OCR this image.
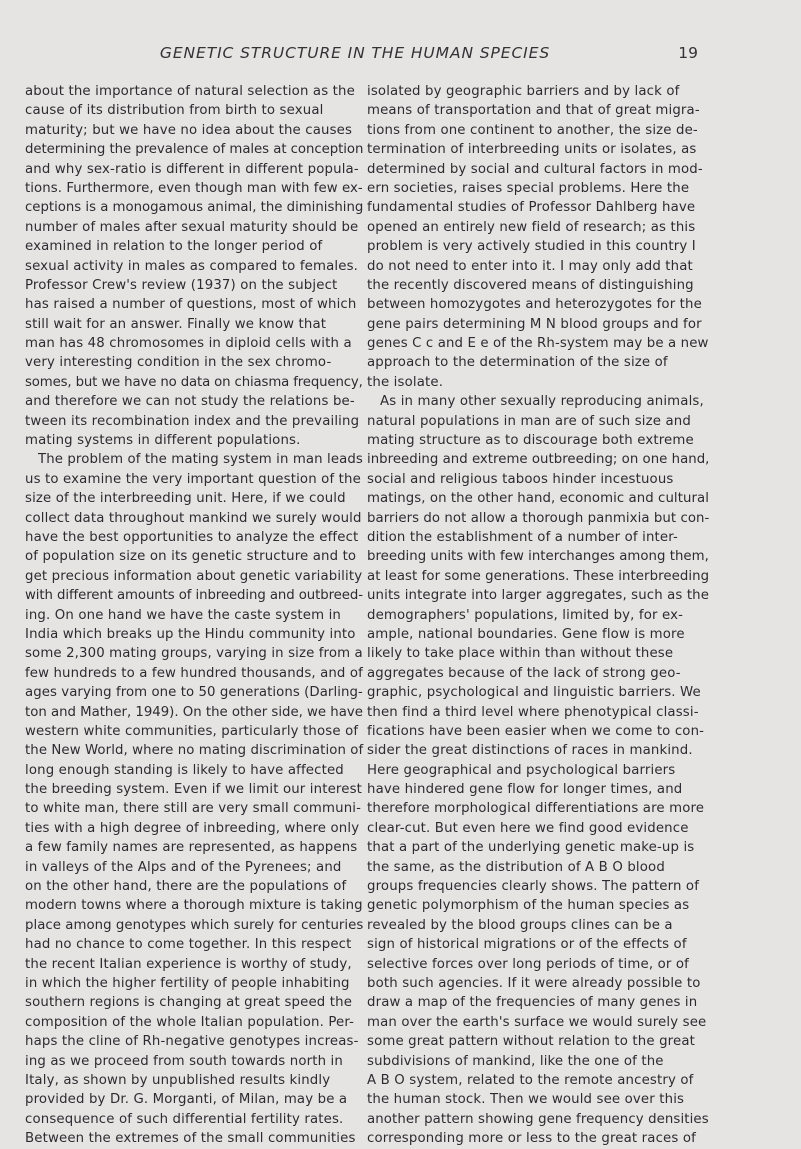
GENETIC STRUCTURE IN THE HUMAN SPECIES	19
about the importance of natural selection as the
cause of its distribution from birth to sexual
maturity; but we have no idea about the causes
determining the prevalence of males at conception
and why sex-ratio is different in different popula-
tions. Furthermore, even though man with few ex-
ceptions is a monogamous animal, the diminishing
number of males after sexual maturity should be
examined in relation to the longer period of
sexual activity in males as compared to females.
Professor Crew's review (1937) on the subject
has raised a number of questions, most of which
still wait for an answer. Finally we know that
man has 48 chromosomes in diploid cells with a
very interesting condition in the sex chromo-
somes, but we have no data on chiasma frequency,
and therefore we can not study the relations be-
tween its recombination index and the prevailing
mating systems in different populations.
The problem of the mating system in man leads
us to examine the very important question of the
size of the interbreeding unit. Here, if we could
collect data throughout mankind we surely would
have the best opportunities to analyze the effect
of population size on its genetic structure and to
get precious information about genetic variability
with different amounts of inbreeding and outbreed-
ing. On one hand we have the caste system in
India which breaks up the Hindu community into
some 2,300 mating groups, varying in size from a
few hundreds to a few hundred thousands, and of
ages varying from one to 50 generations (Darling-
ton and Mather, 1949). On the other side, we have
western white communities, particularly those of
the New World, where no mating discrimination of
long enough standing is likely to have affected
the breeding system. Even if we limit our interest
to white man, there still are very small communi-
ties with a high degree of inbreeding, where only
a few family names are represented, as happens
in valleys of the Alps and of the Pyrenees; and
on the other hand, there are the populations of
modern towns where a thorough mixture is taking
place among genotypes which surely for centuries
had no chance to come together. In this respect
the recent Italian experience is worthy of study,
in which the higher fertility of people inhabiting
southern regions is changing at great speed the
composition of the whole Italian population. Per-
haps the cline of Rh-negative genotypes increas-
ing as we proceed from south towards north in
Italy, as shown by unpublished results kindly
provided by Dr. G. Morganti, of Milan, may be a
consequence of such differential fertility rates.
Between the extremes of the small communities
isolated by geographic barriers and by lack of
means of transportation and that of great migra-
tions from one continent to another, the size de-
termination of interbreeding units or isolates, as
determined by social and cultural factors in mod-
ern societies, raises special problems. Here the
fundamental studies of Professor Dahlberg have
opened an entirely new field of research; as this
problem is very actively studied in this country I
do not need to enter into it. I may only add that
the recently discovered means of distinguishing
between homozygotes and heterozygotes for the
gene pairs determining M N blood groups and for
genes C c and E e of the Rh-system may be a new
approach to the determination of the size of
the isolate.
As in many other sexually reproducing animals,
natural populations in man are of such size and
mating structure as to discourage both extreme
inbreeding and extreme outbreeding; on one hand,
social and religious taboos hinder incestuous
matings, on the other hand, economic and cultural
barriers do not allow a thorough panmixia but con-
dition the establishment of a number of inter-
breeding units with few interchanges among them,
at least for some generations. These interbreeding
units integrate into larger aggregates, such as the
demographers' populations, limited by, for ex-
ample, national boundaries. Gene flow is more
likely to take place within than without these
aggregates because of the lack of strong geo-
graphic, psychological and linguistic barriers. We
then find a third level where phenotypical classi-
fications have been easier when we come to con-
sider the great distinctions of races in mankind.
Here geographical and psychological barriers
have hindered gene flow for longer times, and
therefore morphological differentiations are more
clear-cut. But even here we find good evidence
that a part of the underlying genetic make-up is
the same, as the distribution of A B O blood
groups frequencies clearly shows. The pattern of
genetic polymorphism of the human species as
revealed by the blood groups clines can be a
sign of historical migrations or of the effects of
selective forces over long periods of time, or of
both such agencies. If it were already possible to
draw a map of the frequencies of many genes in
man over the earth's surface we would surely see
some great pattern without relation to the great
subdivisions of mankind, like the one of the
A B O system, related to the remote ancestry of
the human stock. Then we would see over this
another pattern showing gene frequency densities
corresponding more or less to the great races of
